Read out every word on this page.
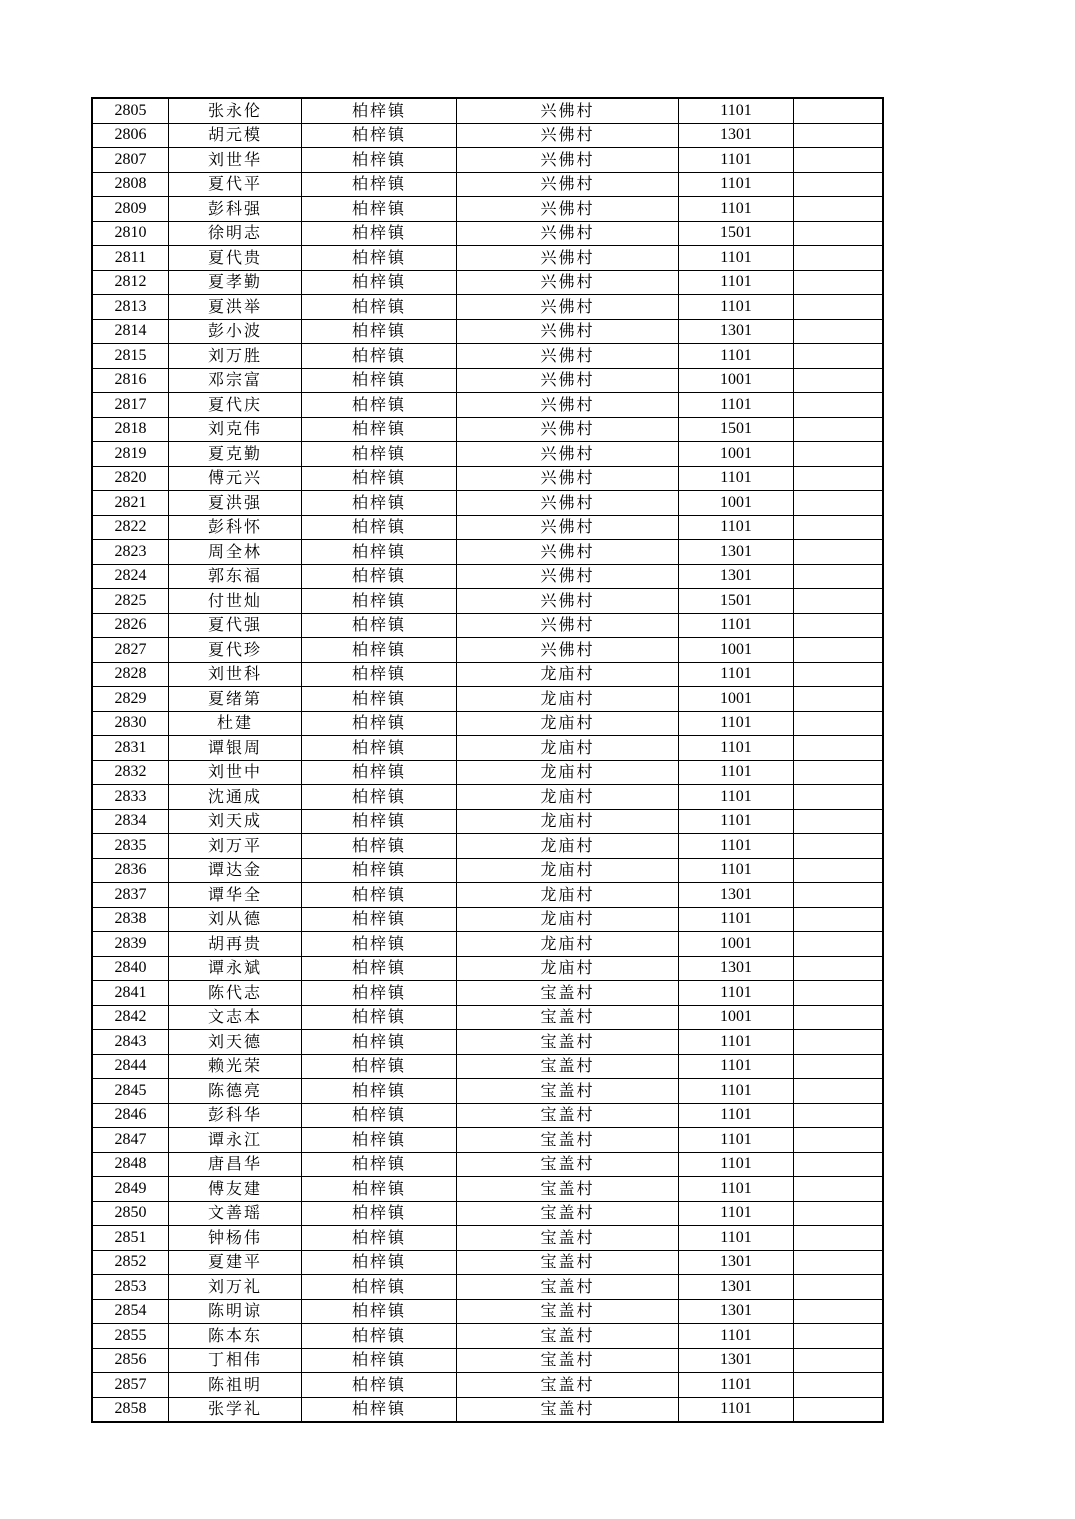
2805	张永伦	柏梓镇	兴佛村	1101	
2806	胡元模	柏梓镇	兴佛村	1301	
2807	刘世华	柏梓镇	兴佛村	1101	
2808	夏代平	柏梓镇	兴佛村	1101	
2809	彭科强	柏梓镇	兴佛村	1101	
2810	徐明志	柏梓镇	兴佛村	1501	
2811	夏代贵	柏梓镇	兴佛村	1101	
2812	夏孝勤	柏梓镇	兴佛村	1101	
2813	夏洪举	柏梓镇	兴佛村	1101	
2814	彭小波	柏梓镇	兴佛村	1301	
2815	刘万胜	柏梓镇	兴佛村	1101	
2816	邓宗富	柏梓镇	兴佛村	1001	
2817	夏代庆	柏梓镇	兴佛村	1101	
2818	刘克伟	柏梓镇	兴佛村	1501	
2819	夏克勤	柏梓镇	兴佛村	1001	
2820	傅元兴	柏梓镇	兴佛村	1101	
2821	夏洪强	柏梓镇	兴佛村	1001	
2822	彭科怀	柏梓镇	兴佛村	1101	
2823	周全林	柏梓镇	兴佛村	1301	
2824	郭东福	柏梓镇	兴佛村	1301	
2825	付世灿	柏梓镇	兴佛村	1501	
2826	夏代强	柏梓镇	兴佛村	1101	
2827	夏代珍	柏梓镇	兴佛村	1001	
2828	刘世科	柏梓镇	龙庙村	1101	
2829	夏绪第	柏梓镇	龙庙村	1001	
2830	杜建	柏梓镇	龙庙村	1101	
2831	谭银周	柏梓镇	龙庙村	1101	
2832	刘世中	柏梓镇	龙庙村	1101	
2833	沈通成	柏梓镇	龙庙村	1101	
2834	刘天成	柏梓镇	龙庙村	1101	
2835	刘万平	柏梓镇	龙庙村	1101	
2836	谭达金	柏梓镇	龙庙村	1101	
2837	谭华全	柏梓镇	龙庙村	1301	
2838	刘从德	柏梓镇	龙庙村	1101	
2839	胡再贵	柏梓镇	龙庙村	1001	
2840	谭永斌	柏梓镇	龙庙村	1301	
2841	陈代志	柏梓镇	宝盖村	1101	
2842	文志本	柏梓镇	宝盖村	1001	
2843	刘天德	柏梓镇	宝盖村	1101	
2844	赖光荣	柏梓镇	宝盖村	1101	
2845	陈德亮	柏梓镇	宝盖村	1101	
2846	彭科华	柏梓镇	宝盖村	1101	
2847	谭永江	柏梓镇	宝盖村	1101	
2848	唐昌华	柏梓镇	宝盖村	1101	
2849	傅友建	柏梓镇	宝盖村	1101	
2850	文善瑶	柏梓镇	宝盖村	1101	
2851	钟杨伟	柏梓镇	宝盖村	1101	
2852	夏建平	柏梓镇	宝盖村	1301	
2853	刘万礼	柏梓镇	宝盖村	1301	
2854	陈明谅	柏梓镇	宝盖村	1301	
2855	陈本东	柏梓镇	宝盖村	1101	
2856	丁相伟	柏梓镇	宝盖村	1301	
2857	陈祖明	柏梓镇	宝盖村	1101	
2858	张学礼	柏梓镇	宝盖村	1101	
